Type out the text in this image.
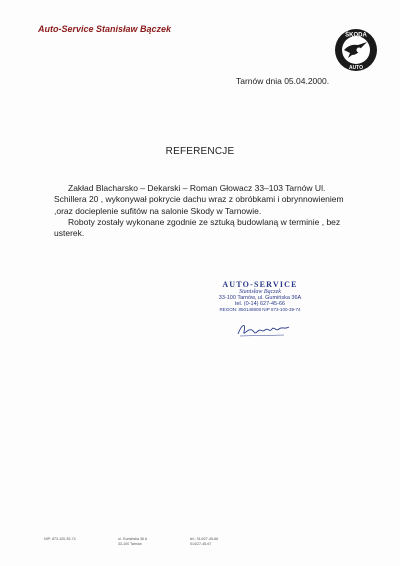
Auto-Service Stanisław Bączek
ŠKODA
AUTO
Tarnów dnia 05.04.2000.
REFERENCJE

Zakład Blacharsko – Dekarski – Roman Głowacz 33–103 Tarnów Ul. Schillera 20 , wykonywał pokrycie dachu wraz z obróbkami i obrynnowieniem ,oraz docieplenie sufitów na salonie Skody w Tarnowie.

Roboty zostały wykonane zgodnie ze sztuką budowlaną w terminie , bez usterek.

AUTO-SERVICE
Stanisław Bączek
33-100 Tarnów, ul. Gumińska 36A
tel. (0-14) 627-45-66
REGON: 850148808 NIP 873-100-39-74
NIP: 873-100-39-74	ul. Gumińska 36 A
33-100 Tarnów
tel.: 014/27-45-66
014/27-45-67
